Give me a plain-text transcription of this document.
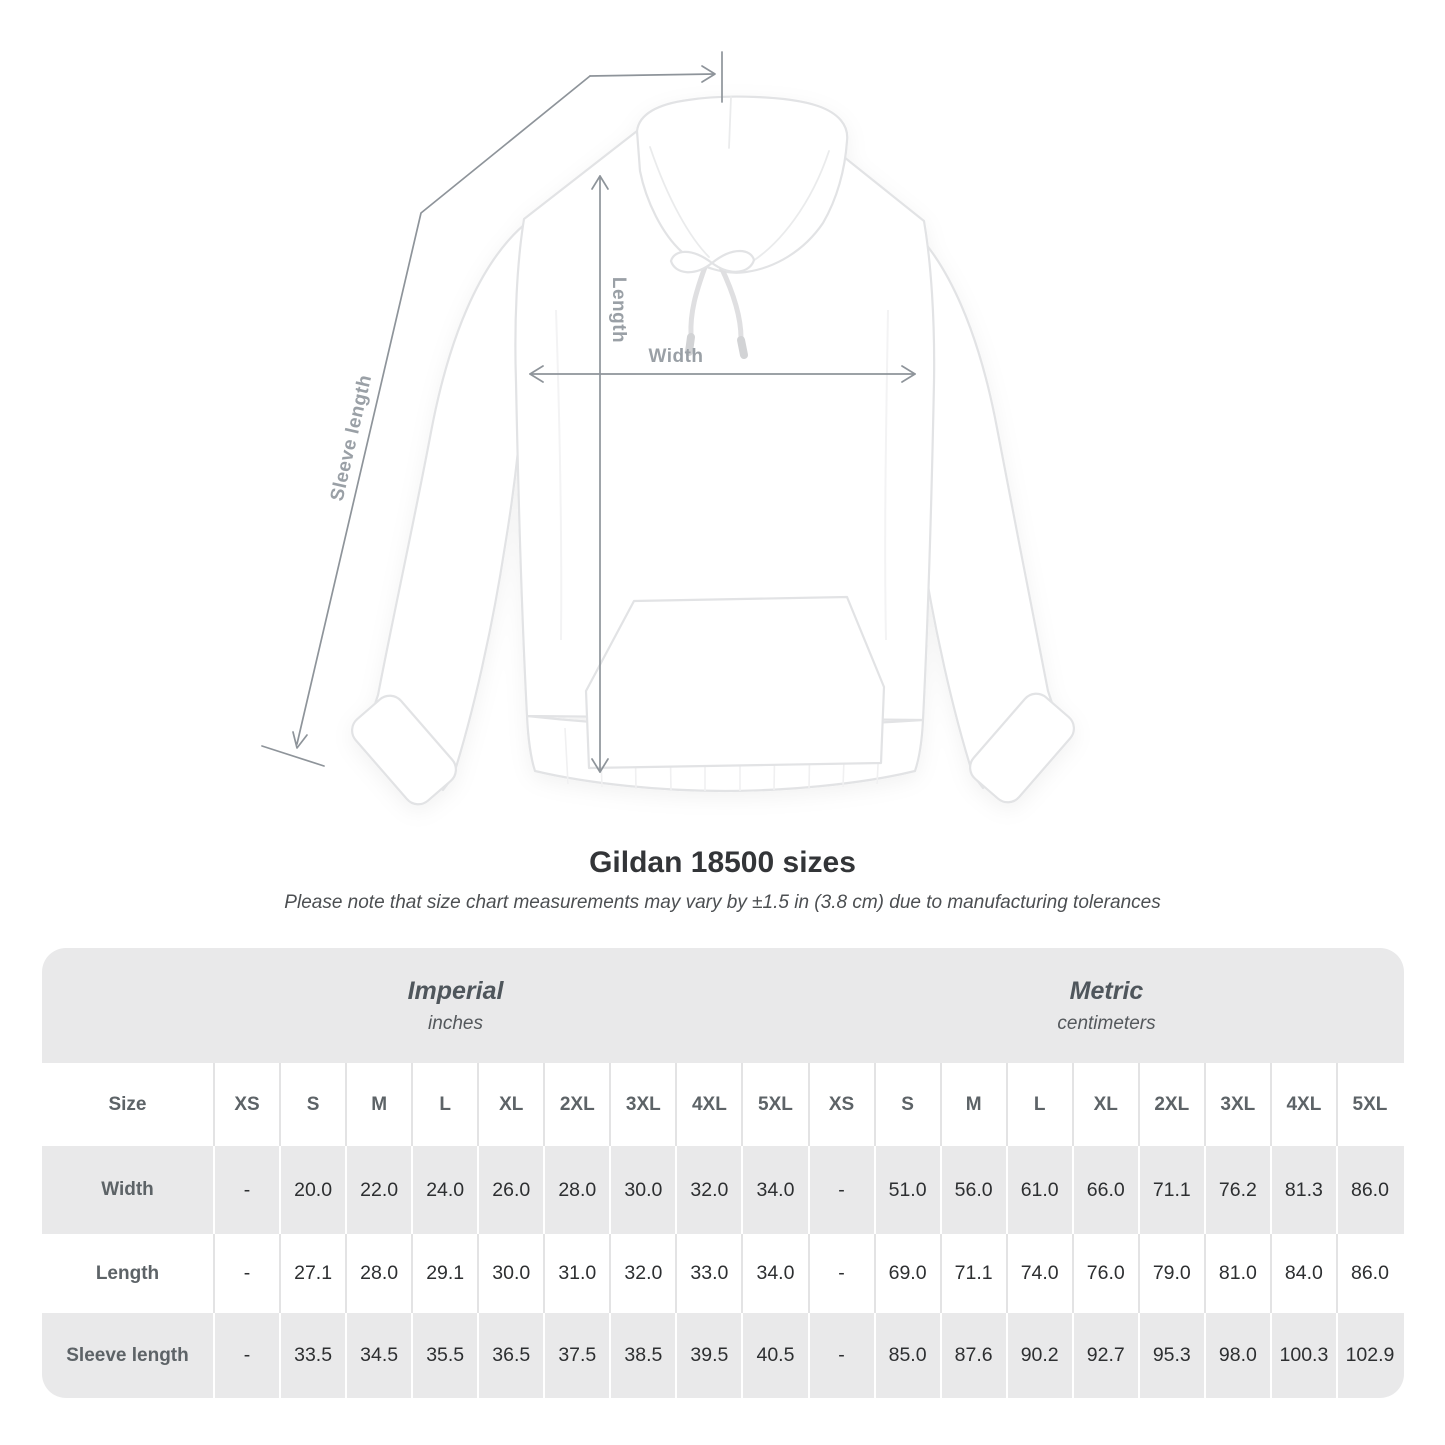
Length
Width
Sleeve length
Gildan 18500 sizes

Please note that size chart measurements may vary by ±1.5 in (3.8 cm) due to manufacturing tolerances

Imperial
inches
Metric
centimeters
Size	XS	S	M	L	XL	2XL	3XL	4XL	5XL	XS	S	M	L	XL	2XL	3XL	4XL	5XL
Width	-	20.0	22.0	24.0	26.0	28.0	30.0	32.0	34.0	-	51.0	56.0	61.0	66.0	71.1	76.2	81.3	86.0
Length	-	27.1	28.0	29.1	30.0	31.0	32.0	33.0	34.0	-	69.0	71.1	74.0	76.0	79.0	81.0	84.0	86.0
Sleeve length	-	33.5	34.5	35.5	36.5	37.5	38.5	39.5	40.5	-	85.0	87.6	90.2	92.7	95.3	98.0	100.3 102.9
